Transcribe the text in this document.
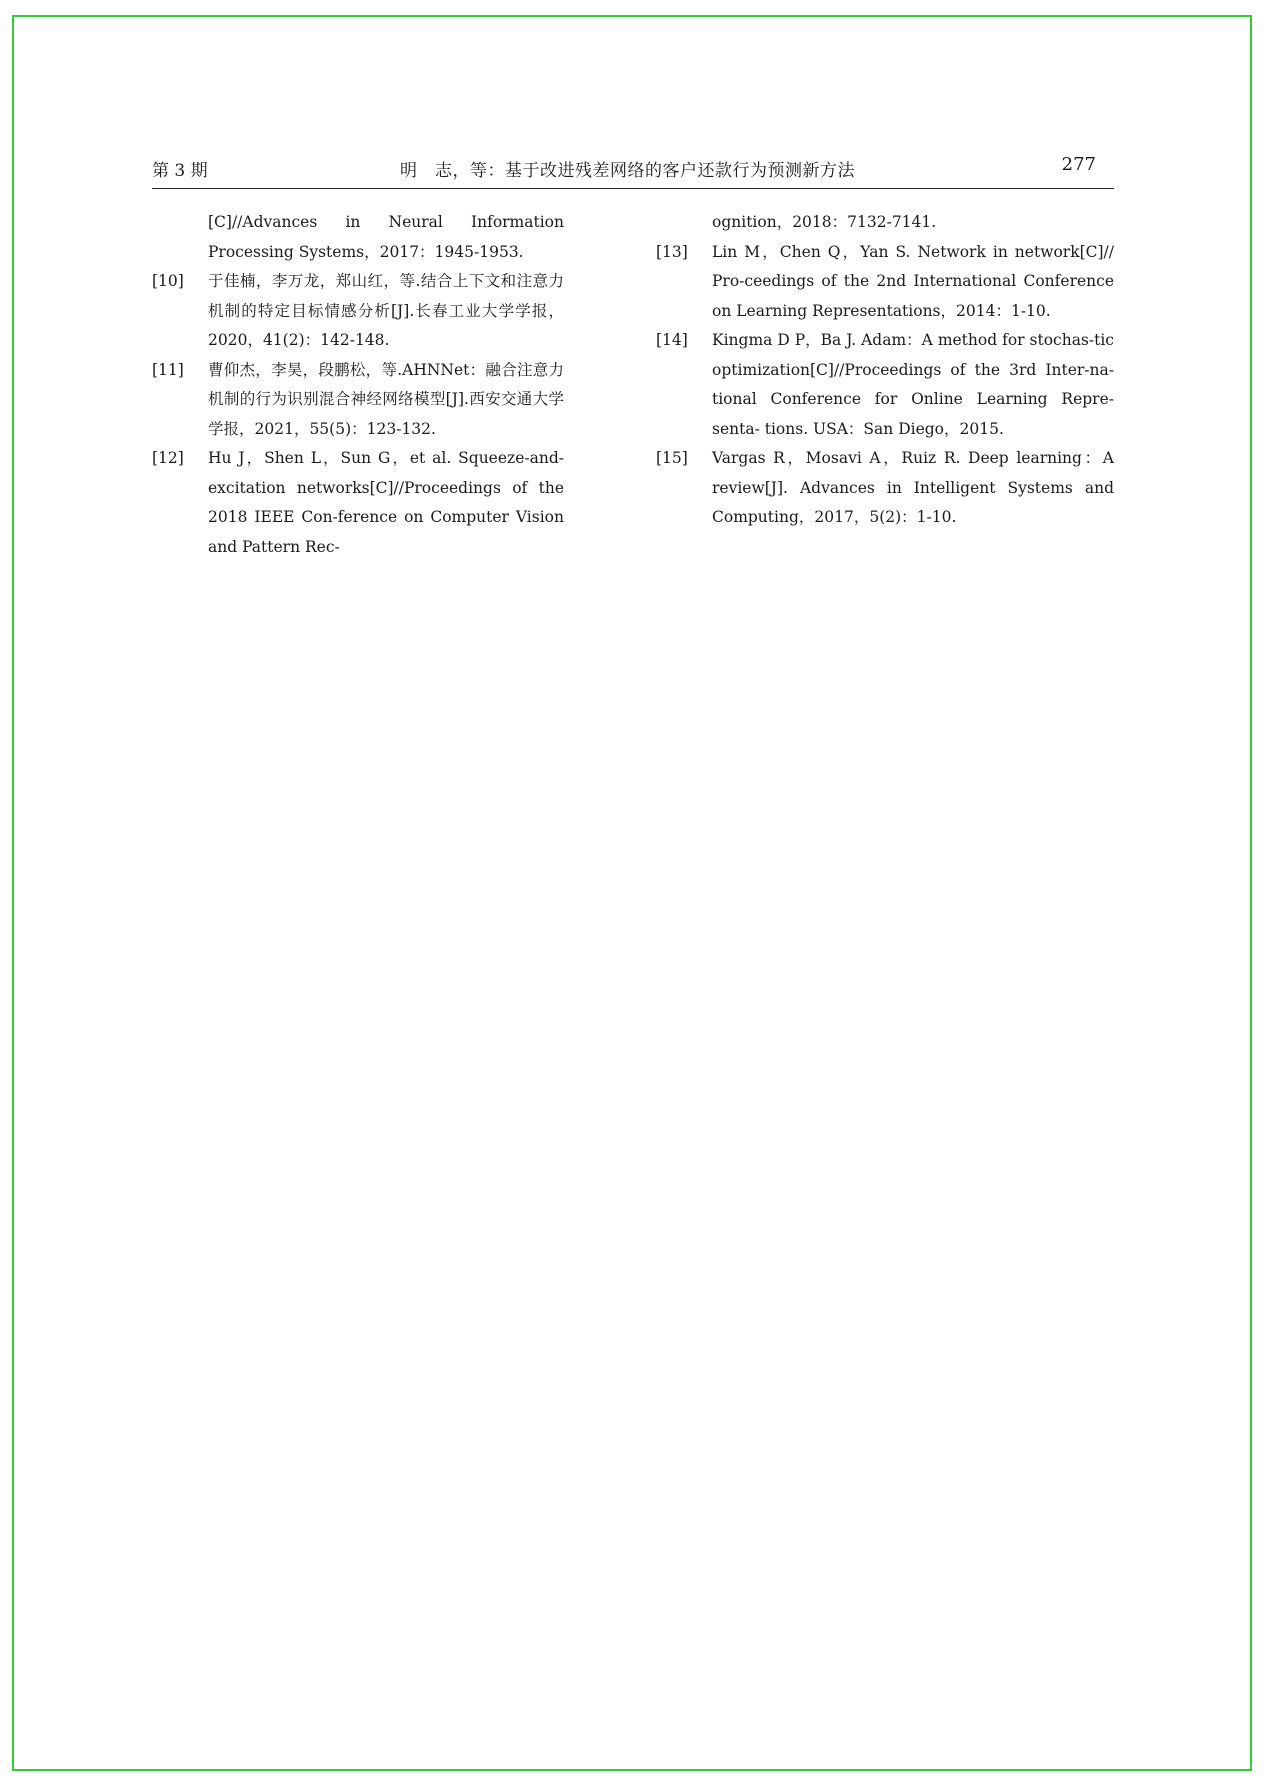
第 3 期	明　志，等：基于改进残差网络的客户还款行为预测新方法	277
[C]//Advances in Neural Information Processing Systems，2017：1945-1953.
[10] 于佳楠，李万龙，郑山红，等.结合上下文和注意力机制的特定目标情感分析[J].长春工业大学学报，2020，41(2)：142-148.
[11] 曹仰杰，李昊，段鹏松，等.AHNNet：融合注意力机制的行为识别混合神经网络模型[J].西安交通大学学报，2021，55(5)：123-132.
[12] Hu J，Shen L，Sun G，et al. Squeeze-and-excitation networks[C]//Proceedings of the 2018 IEEE Con-ference on Computer Vision and Pattern Rec-
ognition，2018：7132-7141.
[13] Lin M，Chen Q，Yan S. Network in network[C]// Pro-ceedings of the 2nd International Conference on Learning Representations，2014：1-10.
[14] Kingma D P，Ba J. Adam：A method for stochas-tic optimization[C]//Proceedings of the 3rd Inter-na-tional Conference for Online Learning Repre-senta- tions. USA：San Diego，2015.
[15] Vargas R，Mosavi A，Ruiz R. Deep learning：A review[J]. Advances in Intelligent Systems and Computing，2017，5(2)：1-10.
